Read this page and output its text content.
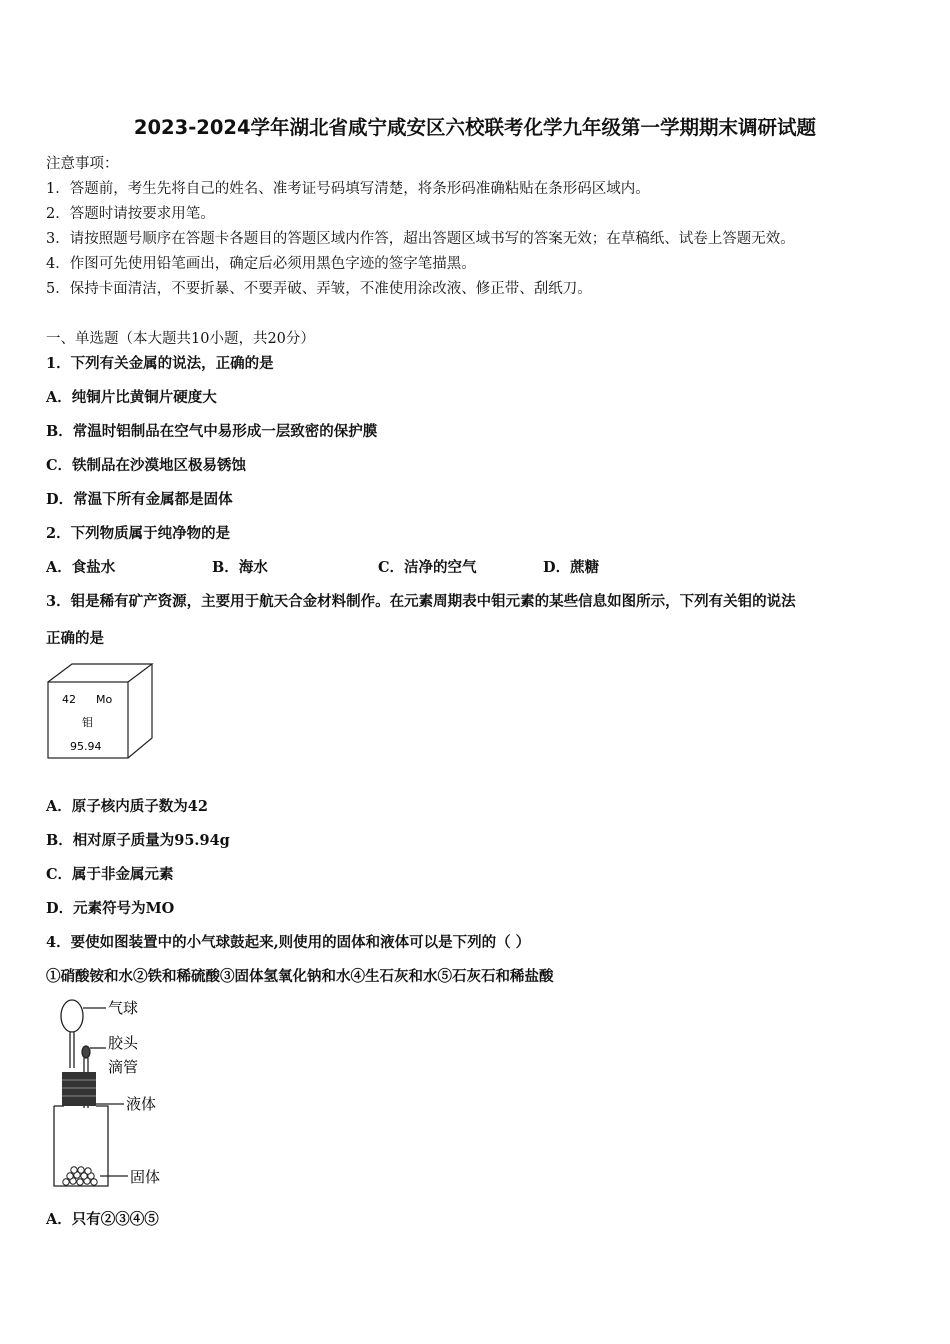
2023-2024学年湖北省咸宁咸安区六校联考化学九年级第一学期期末调研试题
注意事项：
1．答题前，考生先将自己的姓名、准考证号码填写清楚，将条形码准确粘贴在条形码区域内。
2．答题时请按要求用笔。
3．请按照题号顺序在答题卡各题目的答题区域内作答，超出答题区域书写的答案无效；在草稿纸、试卷上答题无效。
4．作图可先使用铅笔画出，确定后必须用黑色字迹的签字笔描黑。
5．保持卡面清洁，不要折暴、不要弄破、弄皱，不准使用涂改液、修正带、刮纸刀。
一、单选题（本大题共10小题，共20分）
1．下列有关金属的说法，正确的是
A．纯铜片比黄铜片硬度大
B．常温时铝制品在空气中易形成一层致密的保护膜
C．铁制品在沙漠地区极易锈蚀
D．常温下所有金属都是固体
2．下列物质属于纯净物的是
A．食盐水	B．海水	C．洁净的空气	D．蔗糖
3．钼是稀有矿产资源，主要用于航天合金材料制作。在元素周期表中钼元素的某些信息如图所示，下列有关钼的说法
正确的是
42 Mo
钼
95.94
A．原子核内质子数为42
B．相对原子质量为95.94g
C．属于非金属元素
D．元素符号为MO
4．要使如图装置中的小气球鼓起来,则使用的固体和液体可以是下列的（ ）
①硝酸铵和水②铁和稀硫酸③固体氢氧化钠和水④生石灰和水⑤石灰石和稀盐酸
气球
胶头
滴管
液体
固体
A．只有②③④⑤
